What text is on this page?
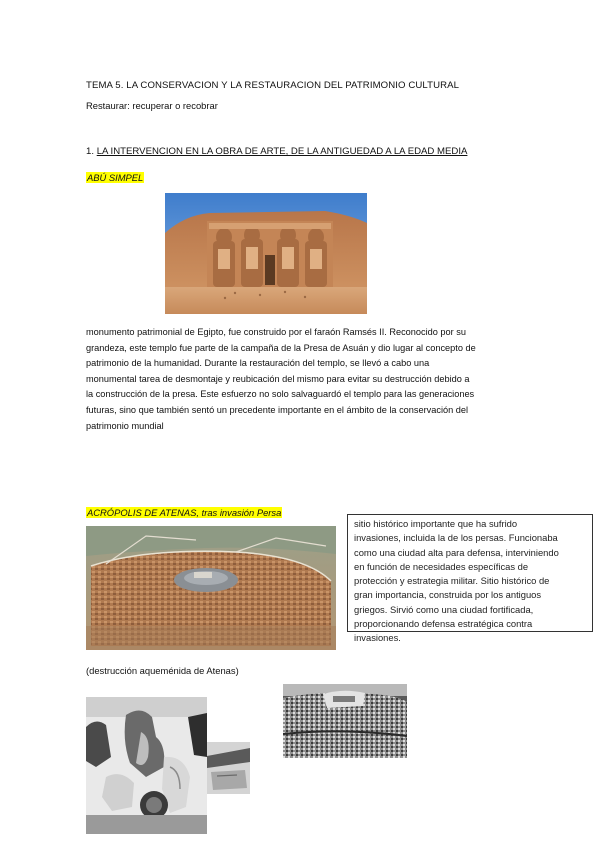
TEMA 5. LA CONSERVACION Y LA RESTAURACION DEL PATRIMONIO CULTURAL
Restaurar: recuperar o recobrar
1. LA INTERVENCION EN LA OBRA DE ARTE, DE LA ANTIGUEDAD A LA EDAD MEDIA
ABÚ SIMPEL

monumento patrimonial de Egipto, fue construido por el faraón Ramsés II. Reconocido por su

grandeza, este templo fue parte de la campaña de la Presa de Asuán y dio lugar al concepto de

patrimonio de la humanidad. Durante la restauración del templo, se llevó a cabo una

monumental tarea de desmontaje y reubicación del mismo para evitar su destrucción debido a

la construcción de la presa. Este esfuerzo no solo salvaguardó el templo para las generaciones

futuras, sino que también sentó un precedente importante en el ámbito de la conservación del

patrimonio mundial

ACRÓPOLIS DE ATENAS, tras invasión Persa
sitio histórico importante que ha sufrido
invasiones, incluida la de los persas. Funcionaba
como una ciudad alta para defensa, interviniendo
en función de necesidades específicas de
protección y estrategia militar. Sitio histórico de
gran importancia, construida por los antiguos
griegos. Sirvió como una ciudad fortificada,
proporcionando defensa estratégica contra
invasiones.
(destrucción aqueménida de Atenas)
